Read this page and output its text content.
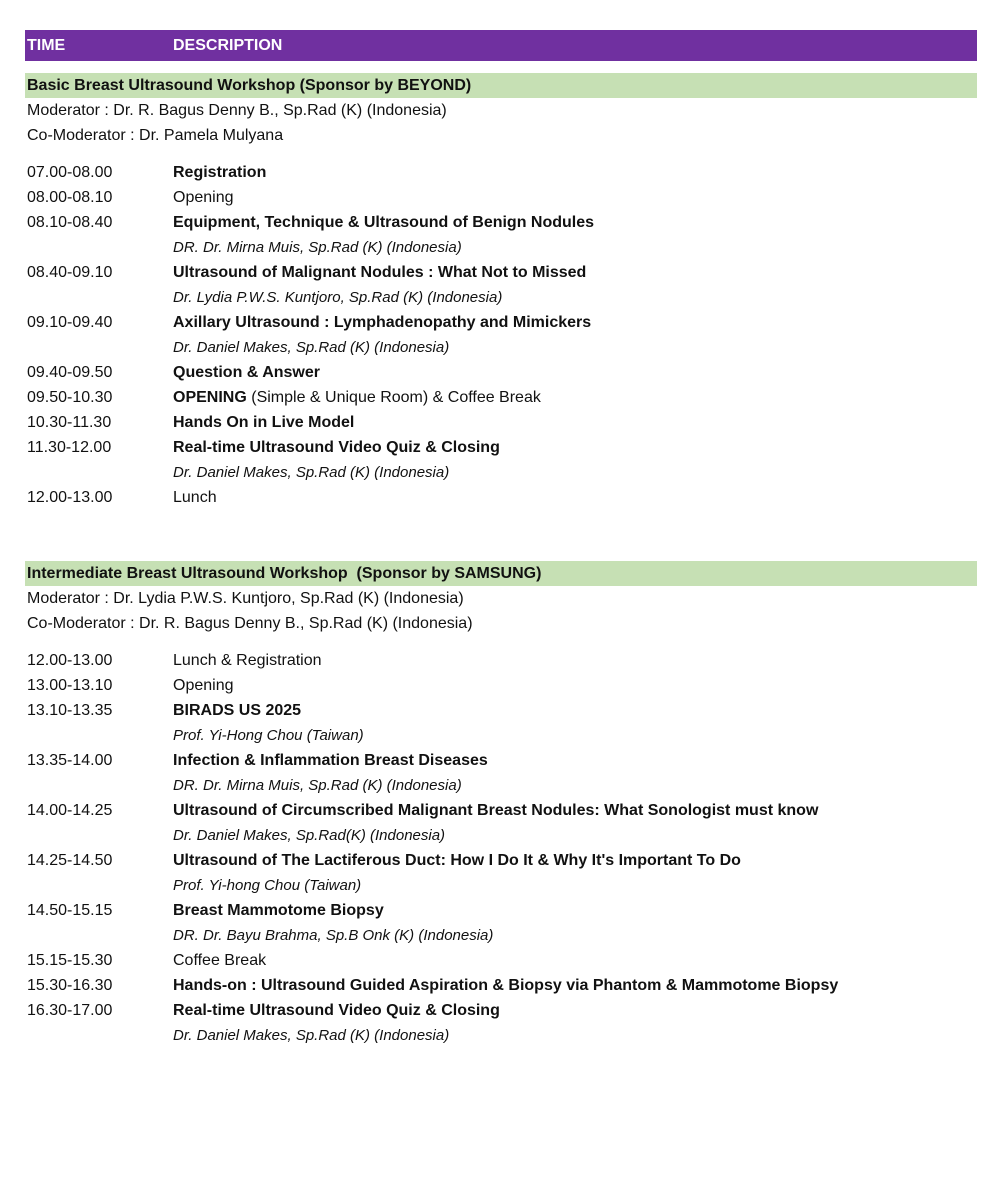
TIME	DESCRIPTION
Basic Breast Ultrasound Workshop (Sponsor by BEYOND)
Moderator : Dr. R. Bagus Denny B., Sp.Rad (K) (Indonesia)
Co-Moderator : Dr. Pamela Mulyana
07.00-08.00	Registration
08.00-08.10	Opening
08.10-08.40	Equipment, Technique & Ultrasound of Benign Nodules
DR. Dr. Mirna Muis, Sp.Rad (K) (Indonesia)
08.40-09.10	Ultrasound of Malignant Nodules : What Not to Missed
Dr. Lydia P.W.S. Kuntjoro, Sp.Rad (K) (Indonesia)
09.10-09.40	Axillary Ultrasound : Lymphadenopathy and Mimickers
Dr. Daniel Makes, Sp.Rad (K) (Indonesia)
09.40-09.50	Question & Answer
09.50-10.30	OPENING (Simple & Unique Room) & Coffee Break
10.30-11.30	Hands On in Live Model
11.30-12.00	Real-time Ultrasound Video Quiz & Closing
Dr. Daniel Makes, Sp.Rad (K) (Indonesia)
12.00-13.00	Lunch
Intermediate Breast Ultrasound Workshop  (Sponsor by SAMSUNG)
Moderator : Dr. Lydia P.W.S. Kuntjoro, Sp.Rad (K) (Indonesia)
Co-Moderator : Dr. R. Bagus Denny B., Sp.Rad (K) (Indonesia)
12.00-13.00	Lunch & Registration
13.00-13.10	Opening
13.10-13.35	BIRADS US 2025
Prof. Yi-Hong Chou (Taiwan)
13.35-14.00	Infection & Inflammation Breast Diseases
DR. Dr. Mirna Muis, Sp.Rad (K) (Indonesia)
14.00-14.25	Ultrasound of Circumscribed Malignant Breast Nodules: What Sonologist must know
Dr. Daniel Makes, Sp.Rad(K) (Indonesia)
14.25-14.50	Ultrasound of The Lactiferous Duct: How I Do It & Why It's Important To Do
Prof. Yi-hong Chou (Taiwan)
14.50-15.15	Breast Mammotome Biopsy
DR. Dr. Bayu Brahma, Sp.B Onk (K) (Indonesia)
15.15-15.30	Coffee Break
15.30-16.30	Hands-on : Ultrasound Guided Aspiration & Biopsy via Phantom & Mammotome Biopsy
16.30-17.00	Real-time Ultrasound Video Quiz & Closing
Dr. Daniel Makes, Sp.Rad (K) (Indonesia)
